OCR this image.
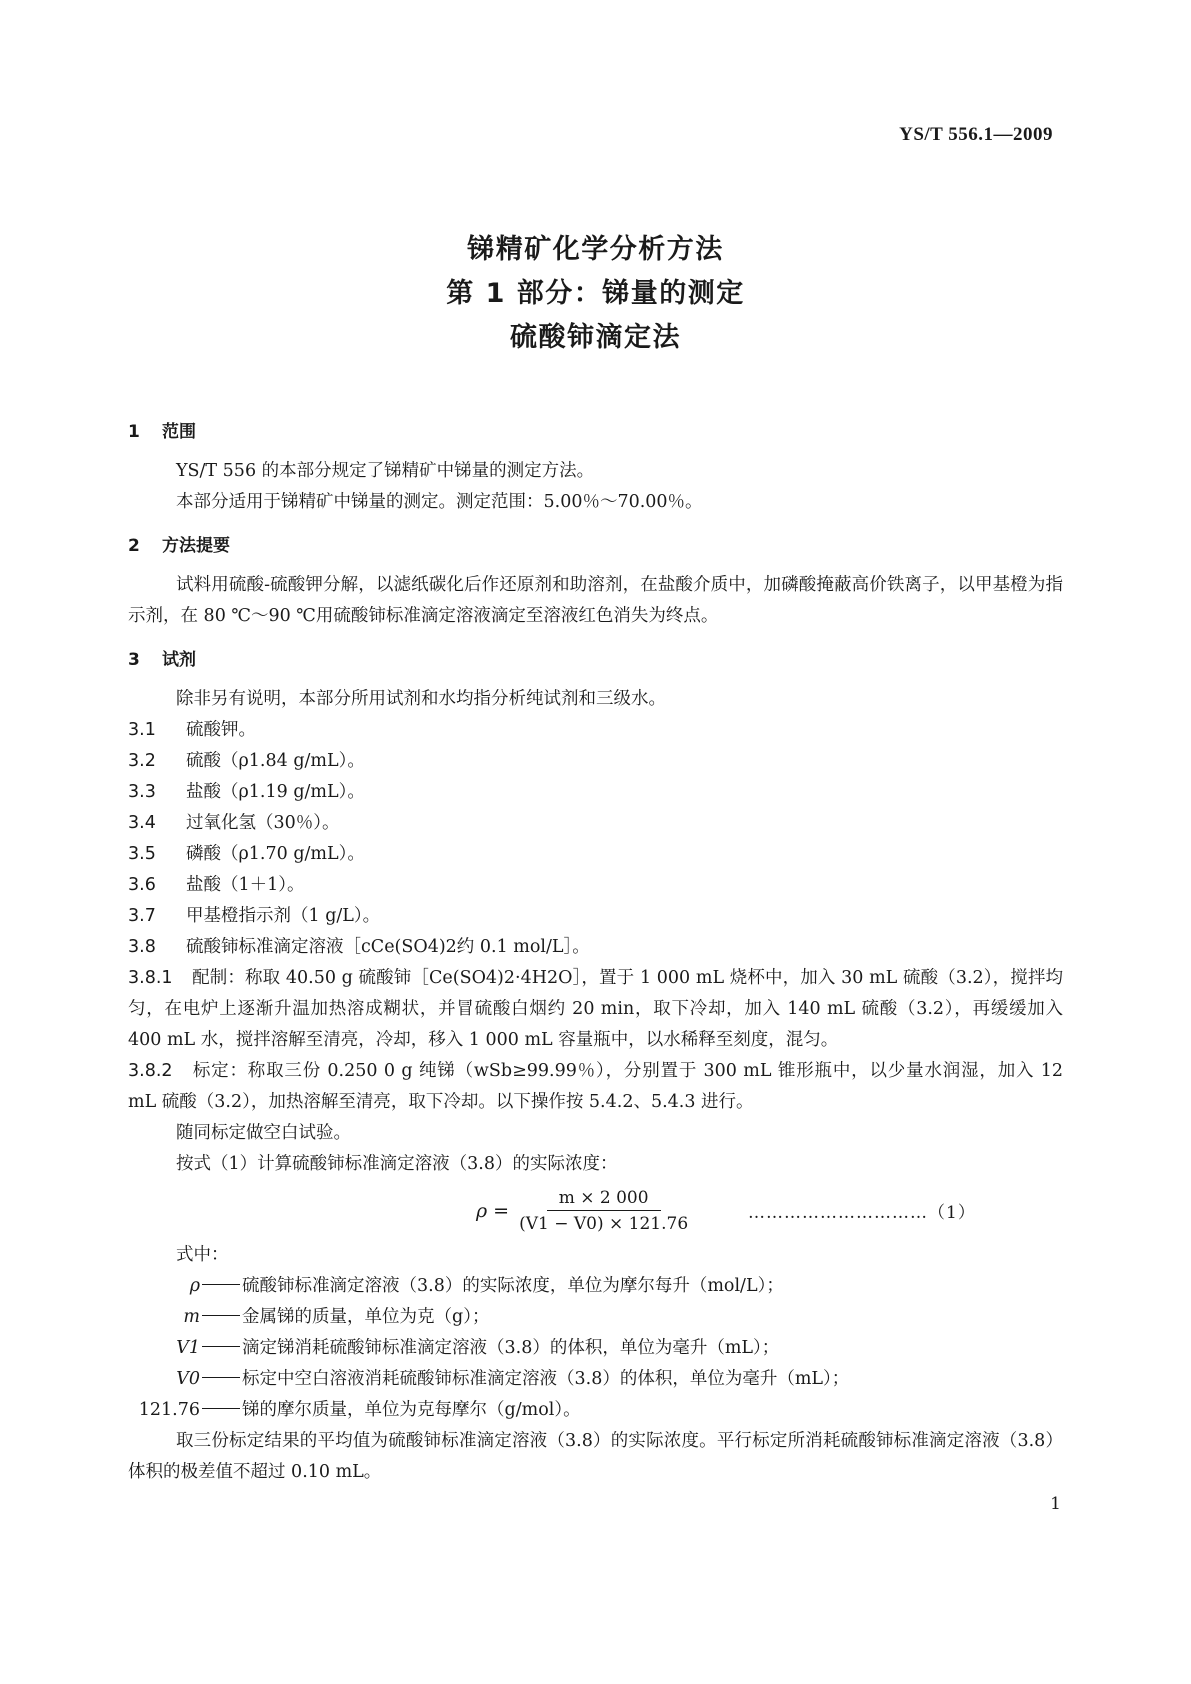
YS/T 556.1—2009
锑精矿化学分析方法
第 1 部分：锑量的测定
硫酸铈滴定法
1 范围
YS/T 556 的本部分规定了锑精矿中锑量的测定方法。
本部分适用于锑精矿中锑量的测定。测定范围：5.00％～70.00％。
2 方法提要
试料用硫酸-硫酸钾分解，以滤纸碳化后作还原剂和助溶剂，在盐酸介质中，加磷酸掩蔽高价铁离子，以甲基橙为指示剂，在 80 ℃～90 ℃用硫酸铈标准滴定溶液滴定至溶液红色消失为终点。
3 试剂
除非另有说明，本部分所用试剂和水均指分析纯试剂和三级水。
3.1 硫酸钾。
3.2 硫酸（ρ1.84 g/mL）。
3.3 盐酸（ρ1.19 g/mL）。
3.4 过氧化氢（30％）。
3.5 磷酸（ρ1.70 g/mL）。
3.6 盐酸（1＋1）。
3.7 甲基橙指示剂（1 g/L）。
3.8 硫酸铈标准滴定溶液［cCe(SO4)2约 0.1 mol/L］。
3.8.1 配制：称取 40.50 g 硫酸铈［Ce(SO4)2·4H2O］，置于 1 000 mL 烧杯中，加入 30 mL 硫酸（3.2），搅拌均匀，在电炉上逐渐升温加热溶成糊状，并冒硫酸白烟约 20 min，取下冷却，加入 140 mL 硫酸（3.2），再缓缓加入 400 mL 水，搅拌溶解至清亮，冷却，移入 1 000 mL 容量瓶中，以水稀释至刻度，混匀。
3.8.2 标定：称取三份 0.250 0 g 纯锑（wSb≥99.99％），分别置于 300 mL 锥形瓶中，以少量水润湿，加入 12 mL 硫酸（3.2），加热溶解至清亮，取下冷却。以下操作按 5.4.2、5.4.3 进行。
随同标定做空白试验。
按式（1）计算硫酸铈标准滴定溶液（3.8）的实际浓度：
$\rho = \frac{m \times 2 000}{(V1 - V0) \times 121.76}$	…………………………（1）
式中：
ρ 硫酸铈标准滴定溶液（3.8）的实际浓度，单位为摩尔每升（mol/L）；
m 金属锑的质量，单位为克（g）；
V1 滴定锑消耗硫酸铈标准滴定溶液（3.8）的体积，单位为毫升（mL）；
V0 标定中空白溶液消耗硫酸铈标准滴定溶液（3.8）的体积，单位为毫升（mL）；
121.76 锑的摩尔质量，单位为克每摩尔（g/mol）。
取三份标定结果的平均值为硫酸铈标准滴定溶液（3.8）的实际浓度。平行标定所消耗硫酸铈标准滴定溶液（3.8）体积的极差值不超过 0.10 mL。
1
